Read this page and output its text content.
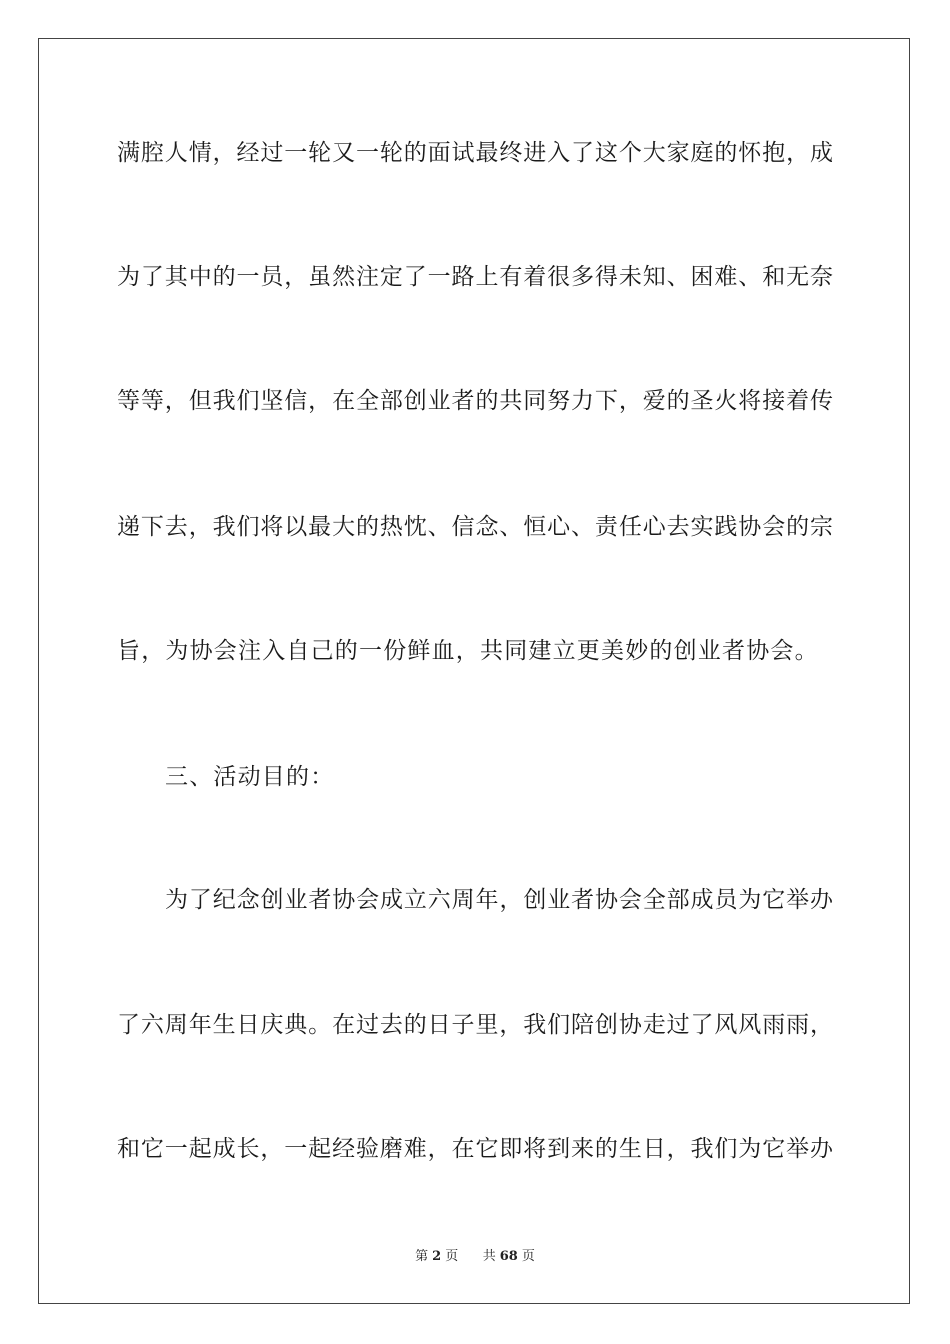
满腔人情，经过一轮又一轮的面试最终进入了这个大家庭的怀抱，成
为了其中的一员，虽然注定了一路上有着很多得未知、困难、和无奈
等等，但我们坚信，在全部创业者的共同努力下，爱的圣火将接着传
递下去，我们将以最大的热忱、信念、恒心、责任心去实践协会的宗
旨，为协会注入自己的一份鲜血，共同建立更美妙的创业者协会。
三、活动目的：
为了纪念创业者协会成立六周年，创业者协会全部成员为它举办
了六周年生日庆典。在过去的日子里，我们陪创协走过了风风雨雨，
和它一起成长，一起经验磨难，在它即将到来的生日，我们为它举办
第 2 页 共 68 页
